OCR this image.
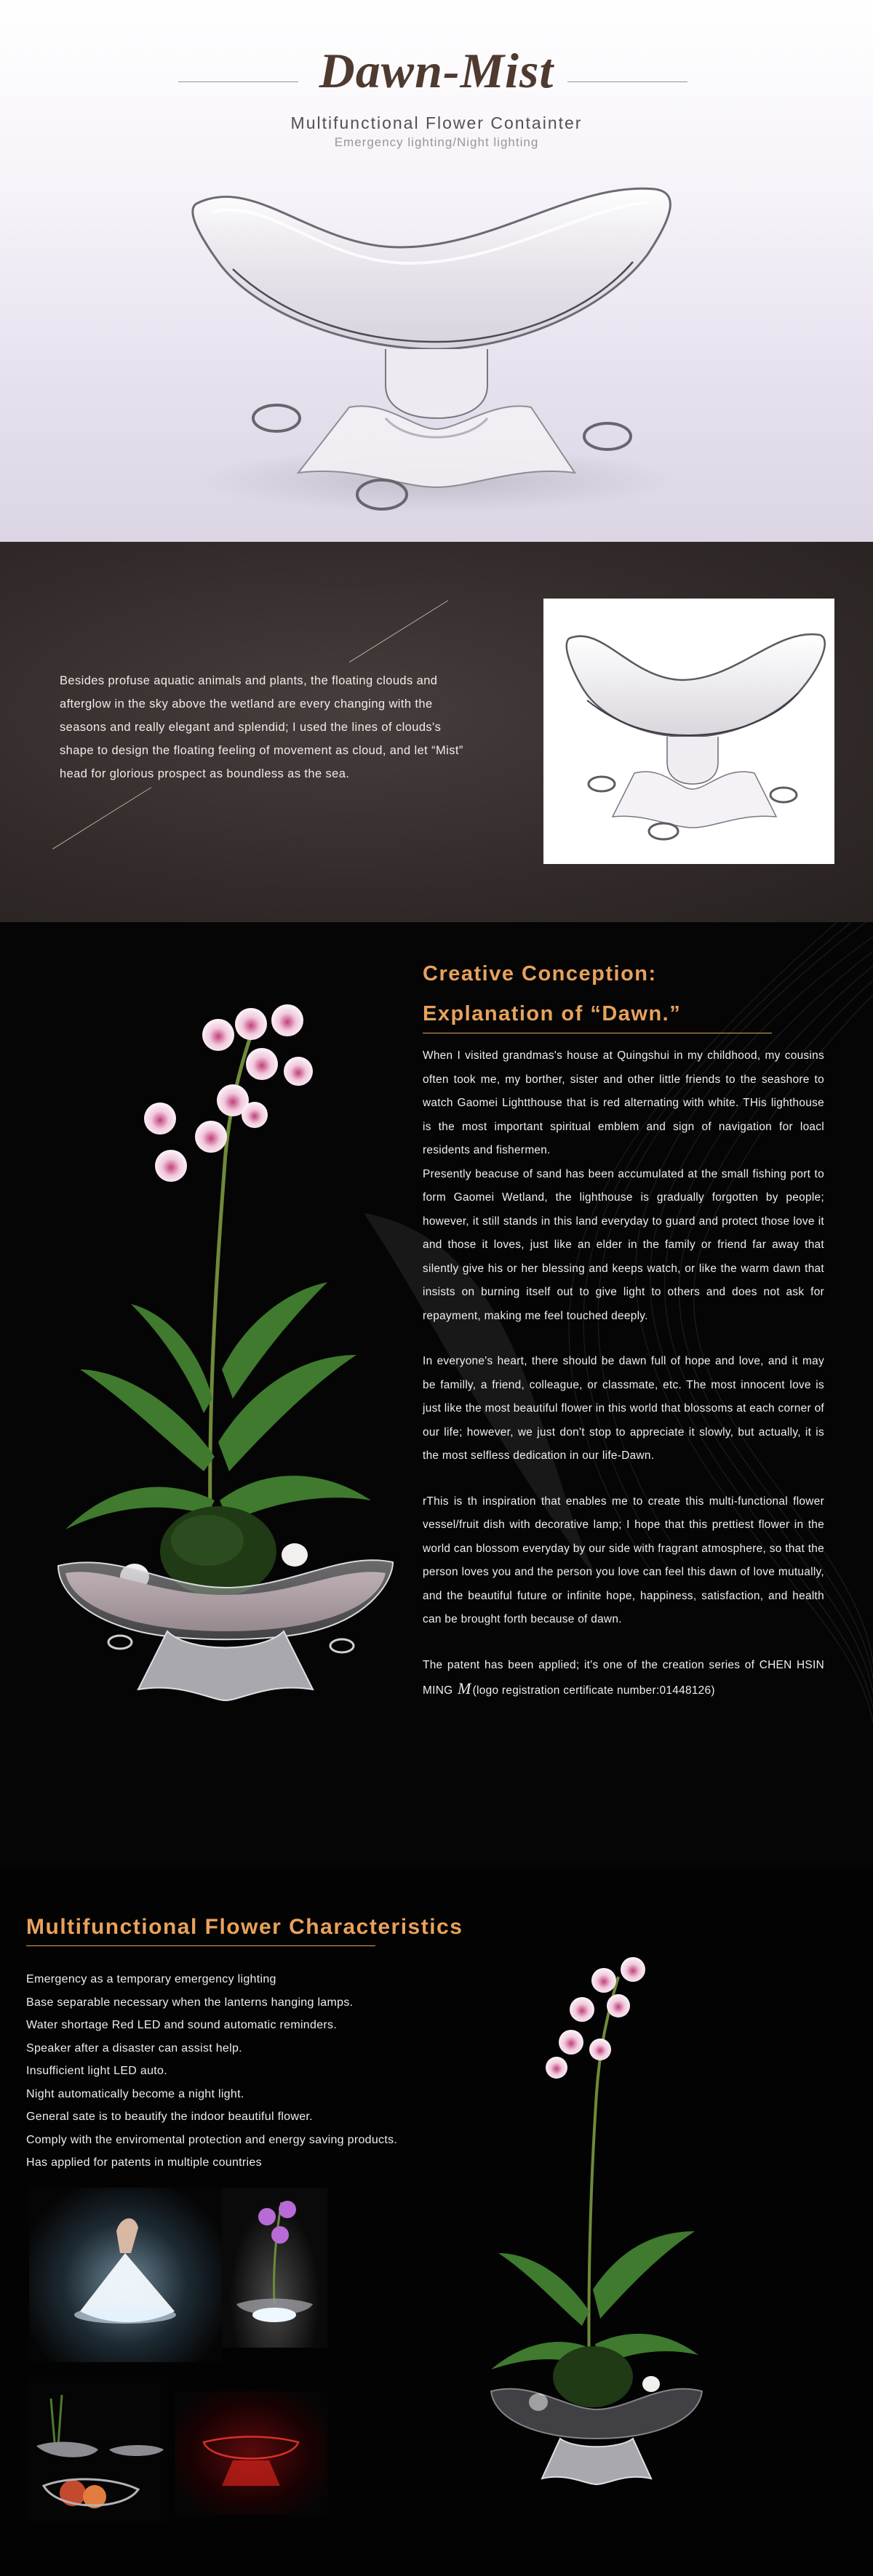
Dawn-Mist
Multifunctional Flower Containter
Emergency lighting/Night lighting

Besides profuse aquatic animals and plants, the floating clouds and afterglow in the sky above the wetland are every changing with the seasons and really elegant and splendid; I used the lines of clouds's shape to design the floating feeling of movement as cloud, and let “Mist” head for glorious prospect as boundless as the sea.

Creative Conception:
Explanation of “Dawn.”

When I visited grandmas's house at Quingshui in my childhood, my cousins often took me, my borther, sister and other little friends to the seashore to watch Gaomei Lightthouse that is red alternating with white. THis lighthouse is the most important spiritual emblem and sign of navigation for loacl residents and fishermen.

Presently beacuse of sand has been accumulated at the small fishing port to form Gaomei Wetland, the lighthouse is gradually forgotten by people; however, it still stands in this land everyday to guard and protect those love it and those it loves, just like an elder in the family or friend far away that silently give his or her blessing and keeps watch, or like the warm dawn that insists on burning itself out to give light to others and does not ask for repayment, making me feel touched deeply.

In everyone's heart, there should be dawn full of hope and love, and it may be familly, a friend, colleague, or classmate, etc. The most innocent love is just like the most beautiful flower in this world that blossoms at each corner of our life; however, we just don't stop to appreciate it slowly, but actually, it is the most selfless dedication in our life-Dawn.

rThis is th inspiration that enables me to create this multi-functional flower vessel/fruit dish with decorative lamp; I hope that this prettiest flower in the world can blossom everyday by our side with fragrant atmosphere, so that the person loves you and the person you love can feel this dawn of love mutually, and the beautiful future or infinite hope, happiness, satisfaction, and health can be brought forth because of dawn.

The patent has been applied; it's one of the creation series of CHEN HSIN MING M (logo registration certificate number:01448126)

Multifunctional Flower Characteristics
Emergency as a temporary emergency lighting
Base separable necessary when the lanterns hanging lamps.
Water shortage Red LED and sound automatic reminders.
Speaker after a disaster can assist help.
Insufficient light LED auto.
Night automatically become a night light.
General sate is to beautify the indoor beautiful flower.
Comply with the enviromental protection and energy saving products.
Has applied for patents in multiple countries
